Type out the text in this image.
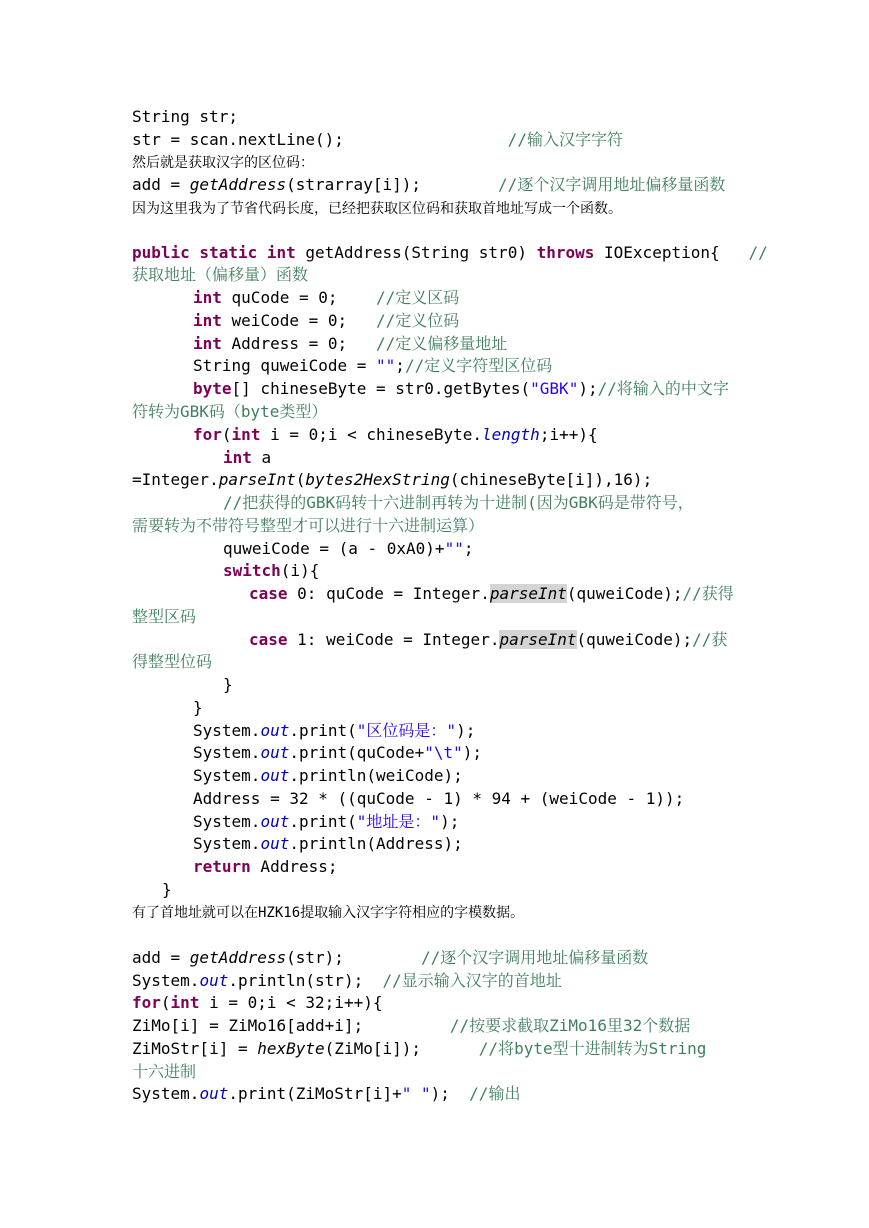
String str;
str = scan.nextLine();                 //输入汉字字符
然后就是获取汉字的区位码：
add = getAddress(strarray[i]);        //逐个汉字调用地址偏移量函数
因为这里我为了节省代码长度，已经把获取区位码和获取首地址写成一个函数。
public static int getAddress(String str0) throws IOException{   //
获取地址（偏移量）函数
int quCode = 0;    //定义区码
int weiCode = 0;   //定义位码
int Address = 0;   //定义偏移量地址
String quweiCode = "";//定义字符型区位码
byte[] chineseByte = str0.getBytes("GBK");//将输入的中文字
符转为GBK码（byte类型）
for(int i = 0;i < chineseByte.length;i++){
int a
=Integer.parseInt(bytes2HexString(chineseByte[i]),16);
//把获得的GBK码转十六进制再转为十进制(因为GBK码是带符号，
需要转为不带符号整型才可以进行十六进制运算）
quweiCode = (a - 0xA0)+"";
switch(i){
case 0: quCode = Integer.parseInt(quweiCode);//获得
整型区码
case 1: weiCode = Integer.parseInt(quweiCode);//获
得整型位码
}
}
System.out.print("区位码是：");
System.out.print(quCode+"\t");
System.out.println(weiCode);
Address = 32 * ((quCode - 1) * 94 + (weiCode - 1));
System.out.print("地址是：");
System.out.println(Address);
return Address;
}
有了首地址就可以在HZK16提取输入汉字字符相应的字模数据。
add = getAddress(str);        //逐个汉字调用地址偏移量函数
System.out.println(str);  //显示输入汉字的首地址
for(int i = 0;i < 32;i++){
ZiMo[i] = ZiMo16[add+i];         //按要求截取ZiMo16里32个数据
ZiMoStr[i] = hexByte(ZiMo[i]);      //将byte型十进制转为String
十六进制
System.out.print(ZiMoStr[i]+" ");  //输出
